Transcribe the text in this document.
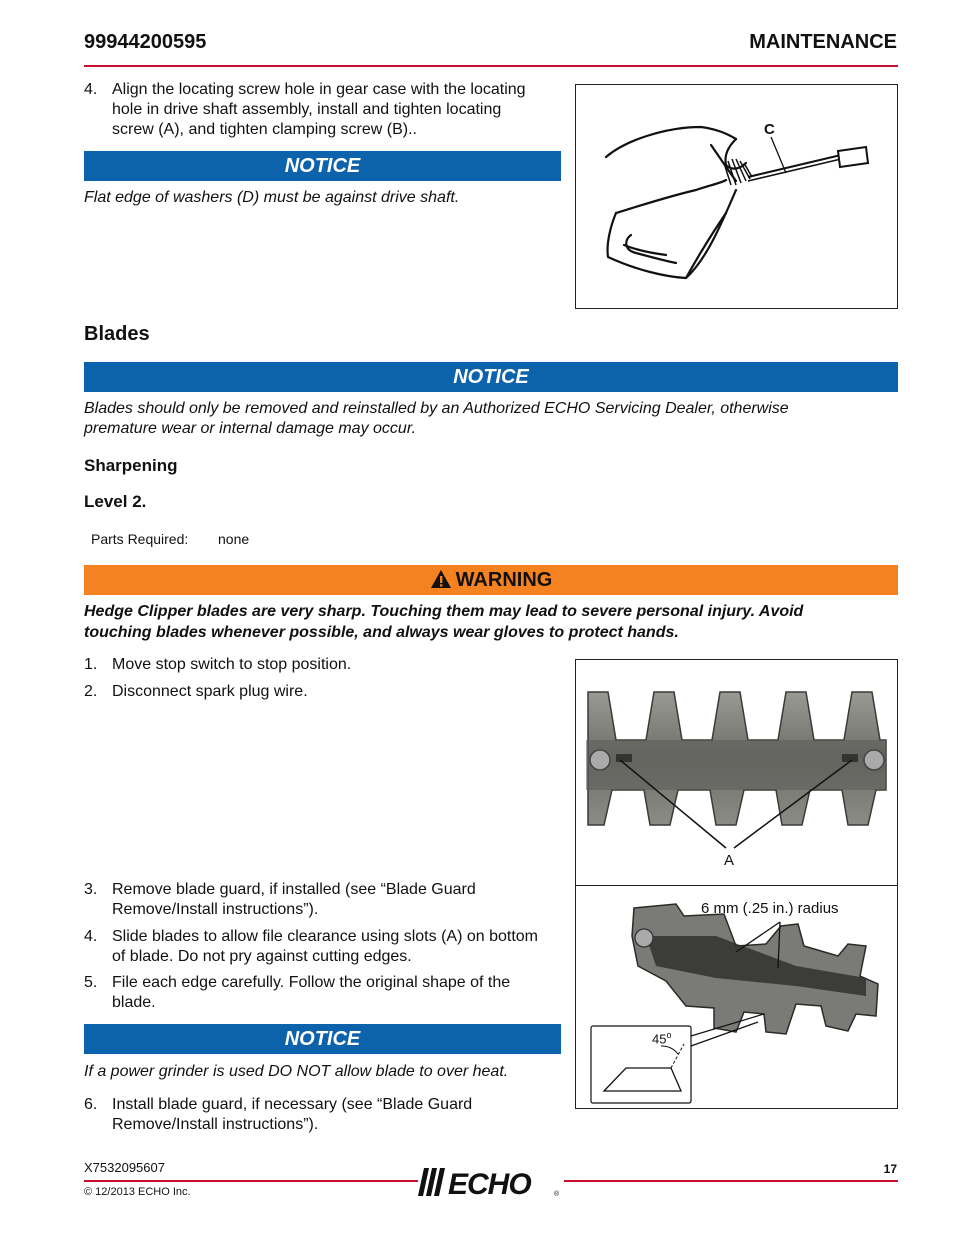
99944200595	MAINTENANCE
4. Align the locating screw hole in gear case with the locating
hole in drive shaft assembly, install and tighten locating
screw (A), and tighten clamping screw (B)..
NOTICE
Flat edge of washers (D) must be against drive shaft.
C
Blades
NOTICE
Blades should only be removed and reinstalled by an Authorized ECHO Servicing Dealer, otherwise
premature wear or internal damage may occur.
Sharpening
Level 2.
Parts Required: none
WARNING
Hedge Clipper blades are very sharp. Touching them may lead to severe personal injury. Avoid
touching blades whenever possible, and always wear gloves to protect hands.
1. Move stop switch to stop position.
2. Disconnect spark plug wire.
A
6 mm (.25 in.) radius
45$^o$
3. Remove blade guard, if installed (see “Blade Guard
Remove/Install instructions”).
4. Slide blades to allow file clearance using slots (A) on bottom
of blade. Do not pry against cutting edges.
5. File each edge carefully. Follow the original shape of the
blade.
NOTICE
If a power grinder is used DO NOT allow blade to over heat.
6. Install blade guard, if necessary (see “Blade Guard
Remove/Install instructions”).
X7532095607
© 12/2013 ECHO Inc.
17
ECHO	®
